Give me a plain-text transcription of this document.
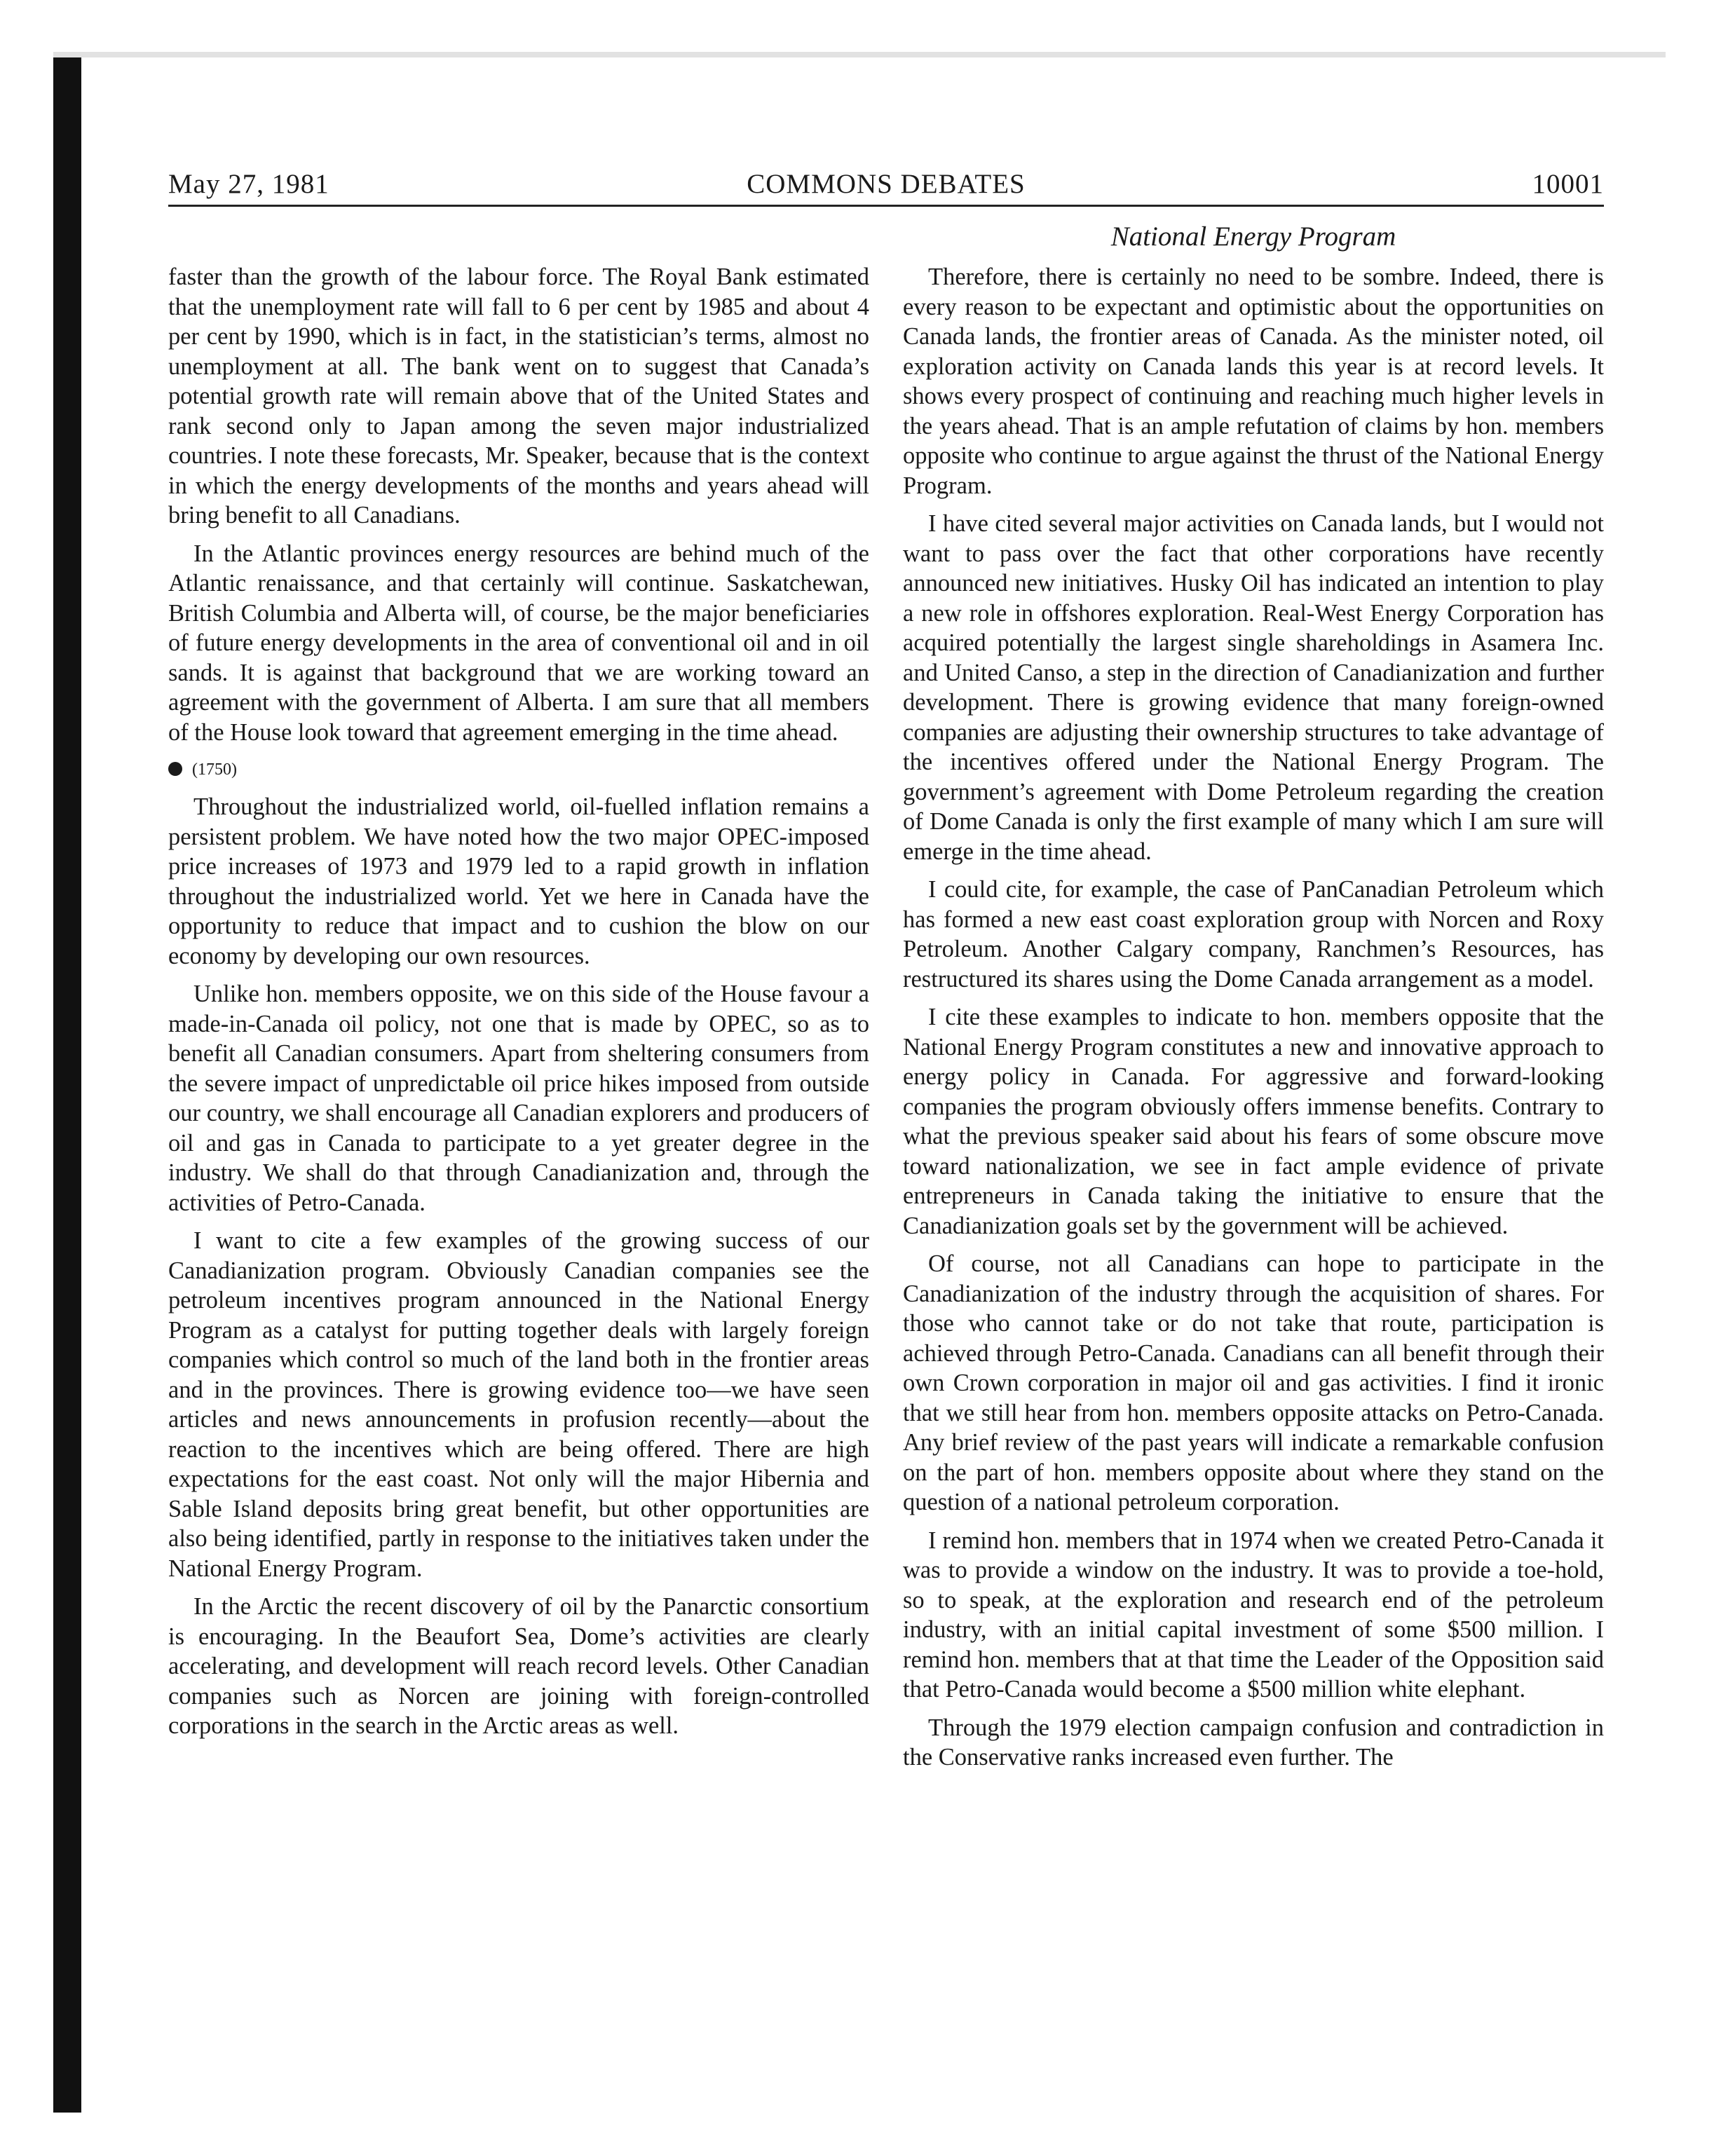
May 27, 1981	COMMONS DEBATES	10001
National Energy Program

faster than the growth of the labour force. The Royal Bank estimated that the unemployment rate will fall to 6 per cent by 1985 and about 4 per cent by 1990, which is in fact, in the statistician’s terms, almost no unemployment at all. The bank went on to suggest that Canada’s potential growth rate will remain above that of the United States and rank second only to Japan among the seven major industrialized countries. I note these forecasts, Mr. Speaker, because that is the context in which the energy developments of the months and years ahead will bring benefit to all Canadians.

In the Atlantic provinces energy resources are behind much of the Atlantic renaissance, and that certainly will continue. Saskatchewan, British Columbia and Alberta will, of course, be the major beneficiaries of future energy developments in the area of conventional oil and in oil sands. It is against that background that we are working toward an agreement with the government of Alberta. I am sure that all members of the House look toward that agreement emerging in the time ahead.

(1750)

Throughout the industrialized world, oil-fuelled inflation remains a persistent problem. We have noted how the two major OPEC-imposed price increases of 1973 and 1979 led to a rapid growth in inflation throughout the industrialized world. Yet we here in Canada have the opportunity to reduce that impact and to cushion the blow on our economy by developing our own resources.

Unlike hon. members opposite, we on this side of the House favour a made-in-Canada oil policy, not one that is made by OPEC, so as to benefit all Canadian consumers. Apart from sheltering consumers from the severe impact of unpredictable oil price hikes imposed from outside our country, we shall encourage all Canadian explorers and producers of oil and gas in Canada to participate to a yet greater degree in the industry. We shall do that through Canadianization and, through the activities of Petro-Canada.

I want to cite a few examples of the growing success of our Canadianization program. Obviously Canadian companies see the petroleum incentives program announced in the National Energy Program as a catalyst for putting together deals with largely foreign companies which control so much of the land both in the frontier areas and in the provinces. There is growing evidence too—we have seen articles and news announcements in profusion recently—about the reaction to the incentives which are being offered. There are high expectations for the east coast. Not only will the major Hibernia and Sable Island deposits bring great benefit, but other opportunities are also being identified, partly in response to the initiatives taken under the National Energy Program.

In the Arctic the recent discovery of oil by the Panarctic consortium is encouraging. In the Beaufort Sea, Dome’s activities are clearly accelerating, and development will reach record levels. Other Canadian companies such as Norcen are joining with foreign-controlled corporations in the search in the Arctic areas as well.

Therefore, there is certainly no need to be sombre. Indeed, there is every reason to be expectant and optimistic about the opportunities on Canada lands, the frontier areas of Canada. As the minister noted, oil exploration activity on Canada lands this year is at record levels. It shows every prospect of continuing and reaching much higher levels in the years ahead. That is an ample refutation of claims by hon. members opposite who continue to argue against the thrust of the National Energy Program.

I have cited several major activities on Canada lands, but I would not want to pass over the fact that other corporations have recently announced new initiatives. Husky Oil has indicated an intention to play a new role in offshores exploration. Real-West Energy Corporation has acquired potentially the largest single shareholdings in Asamera Inc. and United Canso, a step in the direction of Canadianization and further development. There is growing evidence that many foreign-owned companies are adjusting their ownership structures to take advantage of the incentives offered under the National Energy Program. The government’s agreement with Dome Petroleum regarding the creation of Dome Canada is only the first example of many which I am sure will emerge in the time ahead.

I could cite, for example, the case of PanCanadian Petroleum which has formed a new east coast exploration group with Norcen and Roxy Petroleum. Another Calgary company, Ranchmen’s Resources, has restructured its shares using the Dome Canada arrangement as a model.

I cite these examples to indicate to hon. members opposite that the National Energy Program constitutes a new and innovative approach to energy policy in Canada. For aggressive and forward-looking companies the program obviously offers immense benefits. Contrary to what the previous speaker said about his fears of some obscure move toward nationalization, we see in fact ample evidence of private entrepreneurs in Canada taking the initiative to ensure that the Canadianization goals set by the government will be achieved.

Of course, not all Canadians can hope to participate in the Canadianization of the industry through the acquisition of shares. For those who cannot take or do not take that route, participation is achieved through Petro-Canada. Canadians can all benefit through their own Crown corporation in major oil and gas activities. I find it ironic that we still hear from hon. members opposite attacks on Petro-Canada. Any brief review of the past years will indicate a remarkable confusion on the part of hon. members opposite about where they stand on the question of a national petroleum corporation.

I remind hon. members that in 1974 when we created Petro-Canada it was to provide a window on the industry. It was to provide a toe-hold, so to speak, at the exploration and research end of the petroleum industry, with an initial capital investment of some $500 million. I remind hon. members that at that time the Leader of the Opposition said that Petro-Canada would become a $500 million white elephant.

Through the 1979 election campaign confusion and contradiction in the Conservative ranks increased even further. The
